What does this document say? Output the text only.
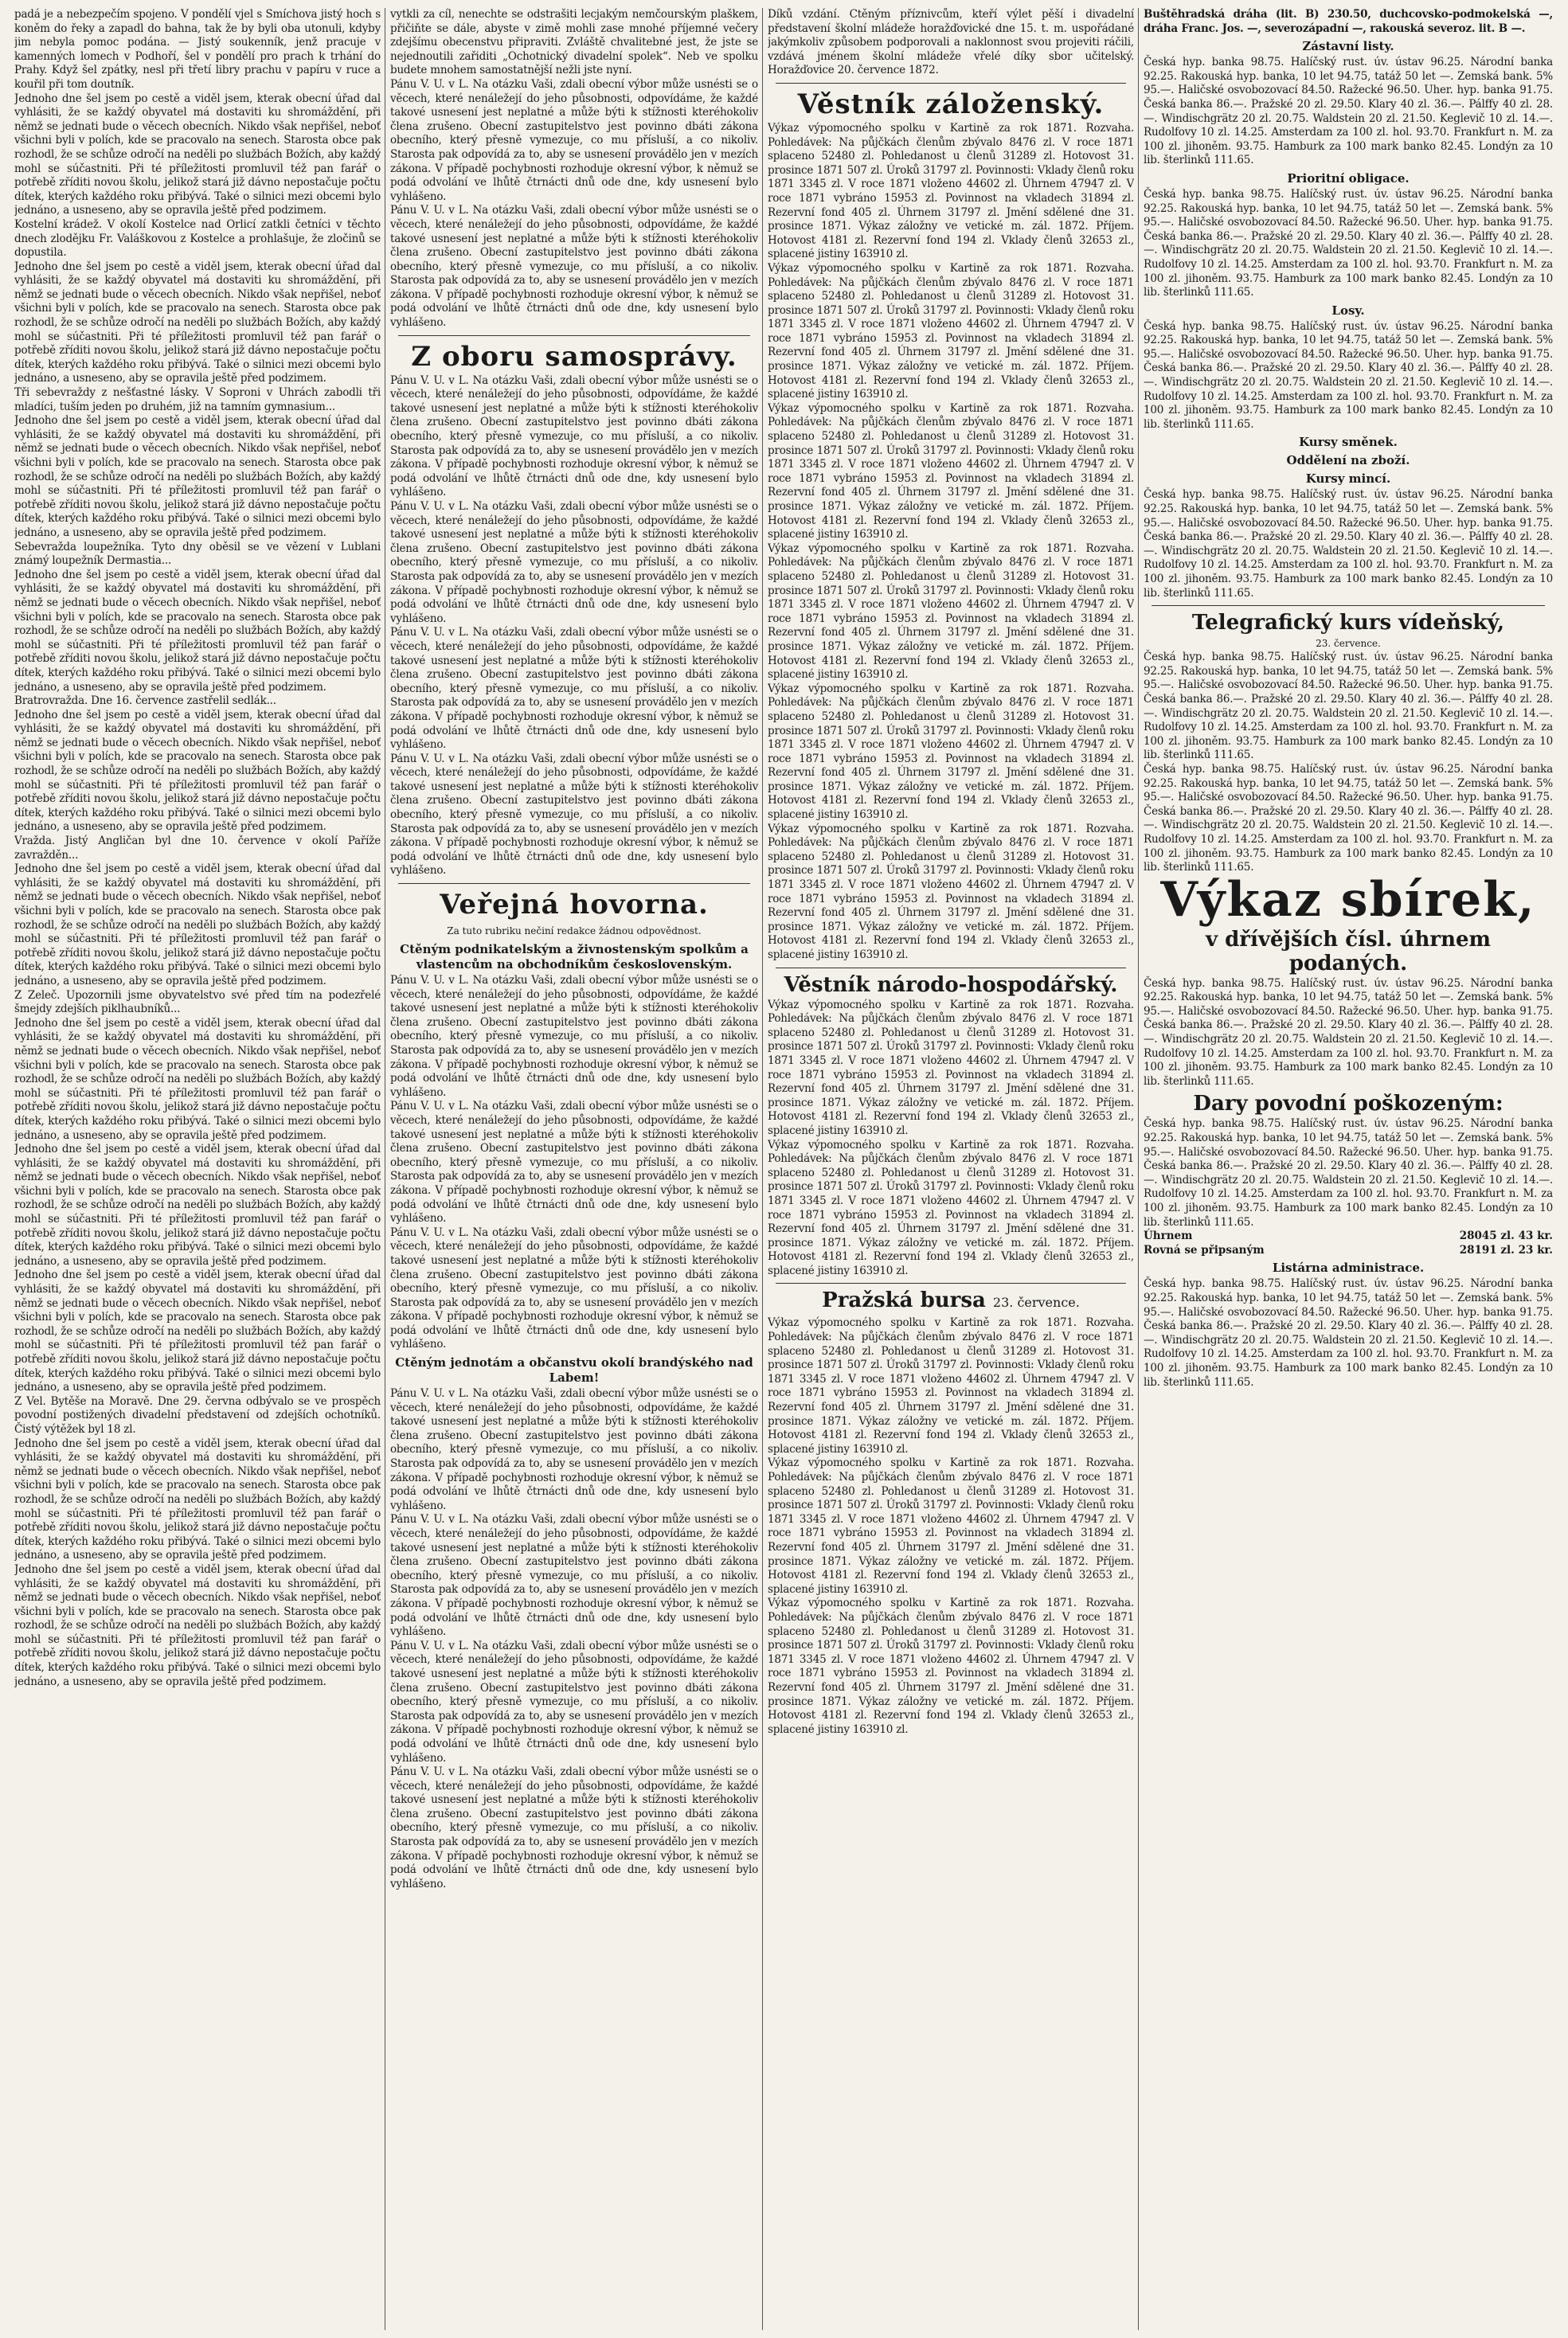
padá je a nebezpečím spojeno. V pondělí vjel s Smíchova jistý hoch s koněm do řeky a zapadl do bahna, tak že by byli oba utonuli, kdyby jim nebyla pomoc podána. — Jistý soukenník, jenž pracuje v kamenných lomech v Podhoří, šel v pondělí pro prach k trhání do Prahy. Když šel zpátky, nesl při třetí libry prachu v papíru v ruce a kouřil při tom doutník.
Jednoho dne šel jsem po cestě a viděl jsem, kterak obecní úřad dal vyhlásiti, že se každý obyvatel má dostaviti ku shromáždění, při němž se jednati bude o věcech obecních. Nikdo však nepřišel, neboť všichni byli v polích, kde se pracovalo na senech. Starosta obce pak rozhodl, že se schůze odročí na neděli po službách Božích, aby každý mohl se súčastniti. Při té příležitosti promluvil též pan farář o potřebě zříditi novou školu, jelikož stará již dávno nepostačuje počtu dítek, kterých každého roku přibývá. Také o silnici mezi obcemi bylo jednáno, a usneseno, aby se opravila ještě před podzimem.
Kostelní krádež. V okolí Kostelce nad Orlicí zatkli četníci v těchto dnech zlodějku Fr. Valáškovou z Kostelce a prohlašuje, že zločinů se dopustila.
Jednoho dne šel jsem po cestě a viděl jsem, kterak obecní úřad dal vyhlásiti, že se každý obyvatel má dostaviti ku shromáždění, při němž se jednati bude o věcech obecních. Nikdo však nepřišel, neboť všichni byli v polích, kde se pracovalo na senech. Starosta obce pak rozhodl, že se schůze odročí na neděli po službách Božích, aby každý mohl se súčastniti. Při té příležitosti promluvil též pan farář o potřebě zříditi novou školu, jelikož stará již dávno nepostačuje počtu dítek, kterých každého roku přibývá. Také o silnici mezi obcemi bylo jednáno, a usneseno, aby se opravila ještě před podzimem.
Tři sebevraždy z nešťastné lásky. V Soproni v Uhrách zabodli tři mladíci, tuším jeden po druhém, již na tamním gymnasium...
Jednoho dne šel jsem po cestě a viděl jsem, kterak obecní úřad dal vyhlásiti, že se každý obyvatel má dostaviti ku shromáždění, při němž se jednati bude o věcech obecních. Nikdo však nepřišel, neboť všichni byli v polích, kde se pracovalo na senech. Starosta obce pak rozhodl, že se schůze odročí na neděli po službách Božích, aby každý mohl se súčastniti. Při té příležitosti promluvil též pan farář o potřebě zříditi novou školu, jelikož stará již dávno nepostačuje počtu dítek, kterých každého roku přibývá. Také o silnici mezi obcemi bylo jednáno, a usneseno, aby se opravila ještě před podzimem.
Sebevražda loupežníka. Tyto dny oběsil se ve vězení v Lublani známý loupežník Dermastia...
Jednoho dne šel jsem po cestě a viděl jsem, kterak obecní úřad dal vyhlásiti, že se každý obyvatel má dostaviti ku shromáždění, při němž se jednati bude o věcech obecních. Nikdo však nepřišel, neboť všichni byli v polích, kde se pracovalo na senech. Starosta obce pak rozhodl, že se schůze odročí na neděli po službách Božích, aby každý mohl se súčastniti. Při té příležitosti promluvil též pan farář o potřebě zříditi novou školu, jelikož stará již dávno nepostačuje počtu dítek, kterých každého roku přibývá. Také o silnici mezi obcemi bylo jednáno, a usneseno, aby se opravila ještě před podzimem.
Bratrovražda. Dne 16. července zastřelil sedlák...
Jednoho dne šel jsem po cestě a viděl jsem, kterak obecní úřad dal vyhlásiti, že se každý obyvatel má dostaviti ku shromáždění, při němž se jednati bude o věcech obecních. Nikdo však nepřišel, neboť všichni byli v polích, kde se pracovalo na senech. Starosta obce pak rozhodl, že se schůze odročí na neděli po službách Božích, aby každý mohl se súčastniti. Při té příležitosti promluvil též pan farář o potřebě zříditi novou školu, jelikož stará již dávno nepostačuje počtu dítek, kterých každého roku přibývá. Také o silnici mezi obcemi bylo jednáno, a usneseno, aby se opravila ještě před podzimem.
Vražda. Jistý Angličan byl dne 10. července v okolí Paříže zavražděn...
Jednoho dne šel jsem po cestě a viděl jsem, kterak obecní úřad dal vyhlásiti, že se každý obyvatel má dostaviti ku shromáždění, při němž se jednati bude o věcech obecních. Nikdo však nepřišel, neboť všichni byli v polích, kde se pracovalo na senech. Starosta obce pak rozhodl, že se schůze odročí na neděli po službách Božích, aby každý mohl se súčastniti. Při té příležitosti promluvil též pan farář o potřebě zříditi novou školu, jelikož stará již dávno nepostačuje počtu dítek, kterých každého roku přibývá. Také o silnici mezi obcemi bylo jednáno, a usneseno, aby se opravila ještě před podzimem.
Z Zeleč. Upozornili jsme obyvatelstvo své před tím na podezřelé šmejdy zdejších piklhaubníků...
Jednoho dne šel jsem po cestě a viděl jsem, kterak obecní úřad dal vyhlásiti, že se každý obyvatel má dostaviti ku shromáždění, při němž se jednati bude o věcech obecních. Nikdo však nepřišel, neboť všichni byli v polích, kde se pracovalo na senech. Starosta obce pak rozhodl, že se schůze odročí na neděli po službách Božích, aby každý mohl se súčastniti. Při té příležitosti promluvil též pan farář o potřebě zříditi novou školu, jelikož stará již dávno nepostačuje počtu dítek, kterých každého roku přibývá. Také o silnici mezi obcemi bylo jednáno, a usneseno, aby se opravila ještě před podzimem.
Jednoho dne šel jsem po cestě a viděl jsem, kterak obecní úřad dal vyhlásiti, že se každý obyvatel má dostaviti ku shromáždění, při němž se jednati bude o věcech obecních. Nikdo však nepřišel, neboť všichni byli v polích, kde se pracovalo na senech. Starosta obce pak rozhodl, že se schůze odročí na neděli po službách Božích, aby každý mohl se súčastniti. Při té příležitosti promluvil též pan farář o potřebě zříditi novou školu, jelikož stará již dávno nepostačuje počtu dítek, kterých každého roku přibývá. Také o silnici mezi obcemi bylo jednáno, a usneseno, aby se opravila ještě před podzimem.
Jednoho dne šel jsem po cestě a viděl jsem, kterak obecní úřad dal vyhlásiti, že se každý obyvatel má dostaviti ku shromáždění, při němž se jednati bude o věcech obecních. Nikdo však nepřišel, neboť všichni byli v polích, kde se pracovalo na senech. Starosta obce pak rozhodl, že se schůze odročí na neděli po službách Božích, aby každý mohl se súčastniti. Při té příležitosti promluvil též pan farář o potřebě zříditi novou školu, jelikož stará již dávno nepostačuje počtu dítek, kterých každého roku přibývá. Také o silnici mezi obcemi bylo jednáno, a usneseno, aby se opravila ještě před podzimem.
Z Vel. Bytěše na Moravě. Dne 29. června odbývalo se ve prospěch povodní postižených divadelní představení od zdejších ochotníků. Čistý výtěžek byl 18 zl.
Jednoho dne šel jsem po cestě a viděl jsem, kterak obecní úřad dal vyhlásiti, že se každý obyvatel má dostaviti ku shromáždění, při němž se jednati bude o věcech obecních. Nikdo však nepřišel, neboť všichni byli v polích, kde se pracovalo na senech. Starosta obce pak rozhodl, že se schůze odročí na neděli po službách Božích, aby každý mohl se súčastniti. Při té příležitosti promluvil též pan farář o potřebě zříditi novou školu, jelikož stará již dávno nepostačuje počtu dítek, kterých každého roku přibývá. Také o silnici mezi obcemi bylo jednáno, a usneseno, aby se opravila ještě před podzimem.
Jednoho dne šel jsem po cestě a viděl jsem, kterak obecní úřad dal vyhlásiti, že se každý obyvatel má dostaviti ku shromáždění, při němž se jednati bude o věcech obecních. Nikdo však nepřišel, neboť všichni byli v polích, kde se pracovalo na senech. Starosta obce pak rozhodl, že se schůze odročí na neděli po službách Božích, aby každý mohl se súčastniti. Při té příležitosti promluvil též pan farář o potřebě zříditi novou školu, jelikož stará již dávno nepostačuje počtu dítek, kterých každého roku přibývá. Také o silnici mezi obcemi bylo jednáno, a usneseno, aby se opravila ještě před podzimem.
vytkli za cíl, nenechte se odstrašiti lecjakým nemčourským plaškem, přičiňte se dále, abyste v zimě mohli zase mnohé příjemné večery zdejšímu obecenstvu připraviti. Zvláště chvalitebné jest, že jste se nejednoutili zařiditi „Ochotnický divadelní spolek“. Neb ve spolku budete mnohem samostatnější nežli jste nyní.
Pánu V. U. v L. Na otázku Vaši, zdali obecní výbor může usnésti se o věcech, které nenáležejí do jeho působnosti, odpovídáme, že každé takové usnesení jest neplatné a může býti k stížnosti kteréhokoliv člena zrušeno. Obecní zastupitelstvo jest povinno dbáti zákona obecního, který přesně vymezuje, co mu přísluší, a co nikoliv. Starosta pak odpovídá za to, aby se usnesení provádělo jen v mezích zákona. V případě pochybnosti rozhoduje okresní výbor, k němuž se podá odvolání ve lhůtě čtrnácti dnů ode dne, kdy usnesení bylo vyhlášeno.
Pánu V. U. v L. Na otázku Vaši, zdali obecní výbor může usnésti se o věcech, které nenáležejí do jeho působnosti, odpovídáme, že každé takové usnesení jest neplatné a může býti k stížnosti kteréhokoliv člena zrušeno. Obecní zastupitelstvo jest povinno dbáti zákona obecního, který přesně vymezuje, co mu přísluší, a co nikoliv. Starosta pak odpovídá za to, aby se usnesení provádělo jen v mezích zákona. V případě pochybnosti rozhoduje okresní výbor, k němuž se podá odvolání ve lhůtě čtrnácti dnů ode dne, kdy usnesení bylo vyhlášeno.
Z oboru samosprávy.
Pánu V. U. v L. Na otázku Vaši, zdali obecní výbor může usnésti se o věcech, které nenáležejí do jeho působnosti, odpovídáme, že každé takové usnesení jest neplatné a může býti k stížnosti kteréhokoliv člena zrušeno. Obecní zastupitelstvo jest povinno dbáti zákona obecního, který přesně vymezuje, co mu přísluší, a co nikoliv. Starosta pak odpovídá za to, aby se usnesení provádělo jen v mezích zákona. V případě pochybnosti rozhoduje okresní výbor, k němuž se podá odvolání ve lhůtě čtrnácti dnů ode dne, kdy usnesení bylo vyhlášeno.
Pánu V. U. v L. Na otázku Vaši, zdali obecní výbor může usnésti se o věcech, které nenáležejí do jeho působnosti, odpovídáme, že každé takové usnesení jest neplatné a může býti k stížnosti kteréhokoliv člena zrušeno. Obecní zastupitelstvo jest povinno dbáti zákona obecního, který přesně vymezuje, co mu přísluší, a co nikoliv. Starosta pak odpovídá za to, aby se usnesení provádělo jen v mezích zákona. V případě pochybnosti rozhoduje okresní výbor, k němuž se podá odvolání ve lhůtě čtrnácti dnů ode dne, kdy usnesení bylo vyhlášeno.
Pánu V. U. v L. Na otázku Vaši, zdali obecní výbor může usnésti se o věcech, které nenáležejí do jeho působnosti, odpovídáme, že každé takové usnesení jest neplatné a může býti k stížnosti kteréhokoliv člena zrušeno. Obecní zastupitelstvo jest povinno dbáti zákona obecního, který přesně vymezuje, co mu přísluší, a co nikoliv. Starosta pak odpovídá za to, aby se usnesení provádělo jen v mezích zákona. V případě pochybnosti rozhoduje okresní výbor, k němuž se podá odvolání ve lhůtě čtrnácti dnů ode dne, kdy usnesení bylo vyhlášeno.
Pánu V. U. v L. Na otázku Vaši, zdali obecní výbor může usnésti se o věcech, které nenáležejí do jeho působnosti, odpovídáme, že každé takové usnesení jest neplatné a může býti k stížnosti kteréhokoliv člena zrušeno. Obecní zastupitelstvo jest povinno dbáti zákona obecního, který přesně vymezuje, co mu přísluší, a co nikoliv. Starosta pak odpovídá za to, aby se usnesení provádělo jen v mezích zákona. V případě pochybnosti rozhoduje okresní výbor, k němuž se podá odvolání ve lhůtě čtrnácti dnů ode dne, kdy usnesení bylo vyhlášeno.
Veřejná hovorna.
Za tuto rubriku nečiní redakce žádnou odpovědnost.
Ctěným podnikatelským a živnostenským spolkům a vlastencům na obchodníkům československým.
Pánu V. U. v L. Na otázku Vaši, zdali obecní výbor může usnésti se o věcech, které nenáležejí do jeho působnosti, odpovídáme, že každé takové usnesení jest neplatné a může býti k stížnosti kteréhokoliv člena zrušeno. Obecní zastupitelstvo jest povinno dbáti zákona obecního, který přesně vymezuje, co mu přísluší, a co nikoliv. Starosta pak odpovídá za to, aby se usnesení provádělo jen v mezích zákona. V případě pochybnosti rozhoduje okresní výbor, k němuž se podá odvolání ve lhůtě čtrnácti dnů ode dne, kdy usnesení bylo vyhlášeno.
Pánu V. U. v L. Na otázku Vaši, zdali obecní výbor může usnésti se o věcech, které nenáležejí do jeho působnosti, odpovídáme, že každé takové usnesení jest neplatné a může býti k stížnosti kteréhokoliv člena zrušeno. Obecní zastupitelstvo jest povinno dbáti zákona obecního, který přesně vymezuje, co mu přísluší, a co nikoliv. Starosta pak odpovídá za to, aby se usnesení provádělo jen v mezích zákona. V případě pochybnosti rozhoduje okresní výbor, k němuž se podá odvolání ve lhůtě čtrnácti dnů ode dne, kdy usnesení bylo vyhlášeno.
Pánu V. U. v L. Na otázku Vaši, zdali obecní výbor může usnésti se o věcech, které nenáležejí do jeho působnosti, odpovídáme, že každé takové usnesení jest neplatné a může býti k stížnosti kteréhokoliv člena zrušeno. Obecní zastupitelstvo jest povinno dbáti zákona obecního, který přesně vymezuje, co mu přísluší, a co nikoliv. Starosta pak odpovídá za to, aby se usnesení provádělo jen v mezích zákona. V případě pochybnosti rozhoduje okresní výbor, k němuž se podá odvolání ve lhůtě čtrnácti dnů ode dne, kdy usnesení bylo vyhlášeno.
Ctěným jednotám a občanstvu okolí brandýského nad Labem!
Pánu V. U. v L. Na otázku Vaši, zdali obecní výbor může usnésti se o věcech, které nenáležejí do jeho působnosti, odpovídáme, že každé takové usnesení jest neplatné a může býti k stížnosti kteréhokoliv člena zrušeno. Obecní zastupitelstvo jest povinno dbáti zákona obecního, který přesně vymezuje, co mu přísluší, a co nikoliv. Starosta pak odpovídá za to, aby se usnesení provádělo jen v mezích zákona. V případě pochybnosti rozhoduje okresní výbor, k němuž se podá odvolání ve lhůtě čtrnácti dnů ode dne, kdy usnesení bylo vyhlášeno.
Pánu V. U. v L. Na otázku Vaši, zdali obecní výbor může usnésti se o věcech, které nenáležejí do jeho působnosti, odpovídáme, že každé takové usnesení jest neplatné a může býti k stížnosti kteréhokoliv člena zrušeno. Obecní zastupitelstvo jest povinno dbáti zákona obecního, který přesně vymezuje, co mu přísluší, a co nikoliv. Starosta pak odpovídá za to, aby se usnesení provádělo jen v mezích zákona. V případě pochybnosti rozhoduje okresní výbor, k němuž se podá odvolání ve lhůtě čtrnácti dnů ode dne, kdy usnesení bylo vyhlášeno.
Pánu V. U. v L. Na otázku Vaši, zdali obecní výbor může usnésti se o věcech, které nenáležejí do jeho působnosti, odpovídáme, že každé takové usnesení jest neplatné a může býti k stížnosti kteréhokoliv člena zrušeno. Obecní zastupitelstvo jest povinno dbáti zákona obecního, který přesně vymezuje, co mu přísluší, a co nikoliv. Starosta pak odpovídá za to, aby se usnesení provádělo jen v mezích zákona. V případě pochybnosti rozhoduje okresní výbor, k němuž se podá odvolání ve lhůtě čtrnácti dnů ode dne, kdy usnesení bylo vyhlášeno.
Pánu V. U. v L. Na otázku Vaši, zdali obecní výbor může usnésti se o věcech, které nenáležejí do jeho působnosti, odpovídáme, že každé takové usnesení jest neplatné a může býti k stížnosti kteréhokoliv člena zrušeno. Obecní zastupitelstvo jest povinno dbáti zákona obecního, který přesně vymezuje, co mu přísluší, a co nikoliv. Starosta pak odpovídá za to, aby se usnesení provádělo jen v mezích zákona. V případě pochybnosti rozhoduje okresní výbor, k němuž se podá odvolání ve lhůtě čtrnácti dnů ode dne, kdy usnesení bylo vyhlášeno.
Díků vzdání. Ctěným příznivcům, kteří výlet pěší i divadelní představení školní mládeže horažďovické dne 15. t. m. uspořádané jakýmkoliv způsobem podporovali a naklonnost svou projeviti ráčili, vzdává jménem školní mládeže vřelé díky sbor učitelský. Horažďovice 20. července 1872.
Věstník záloženský.
Výkaz výpomocného spolku v Kartině za rok 1871. Rozvaha. Pohledávek: Na půjčkách členům zbývalo 8476 zl. V roce 1871 splaceno 52480 zl. Pohledanost u členů 31289 zl. Hotovost 31. prosince 1871 507 zl. Úroků 31797 zl. Povinnosti: Vklady členů roku 1871 3345 zl. V roce 1871 vloženo 44602 zl. Úhrnem 47947 zl. V roce 1871 vybráno 15953 zl. Povinnost na vkladech 31894 zl. Rezervní fond 405 zl. Úhrnem 31797 zl. Jmění sdělené dne 31. prosince 1871. Výkaz záložny ve vetické m. zál. 1872. Příjem. Hotovost 4181 zl. Rezervní fond 194 zl. Vklady členů 32653 zl., splacené jistiny 163910 zl.
Výkaz výpomocného spolku v Kartině za rok 1871. Rozvaha. Pohledávek: Na půjčkách členům zbývalo 8476 zl. V roce 1871 splaceno 52480 zl. Pohledanost u členů 31289 zl. Hotovost 31. prosince 1871 507 zl. Úroků 31797 zl. Povinnosti: Vklady členů roku 1871 3345 zl. V roce 1871 vloženo 44602 zl. Úhrnem 47947 zl. V roce 1871 vybráno 15953 zl. Povinnost na vkladech 31894 zl. Rezervní fond 405 zl. Úhrnem 31797 zl. Jmění sdělené dne 31. prosince 1871. Výkaz záložny ve vetické m. zál. 1872. Příjem. Hotovost 4181 zl. Rezervní fond 194 zl. Vklady členů 32653 zl., splacené jistiny 163910 zl.
Výkaz výpomocného spolku v Kartině za rok 1871. Rozvaha. Pohledávek: Na půjčkách členům zbývalo 8476 zl. V roce 1871 splaceno 52480 zl. Pohledanost u členů 31289 zl. Hotovost 31. prosince 1871 507 zl. Úroků 31797 zl. Povinnosti: Vklady členů roku 1871 3345 zl. V roce 1871 vloženo 44602 zl. Úhrnem 47947 zl. V roce 1871 vybráno 15953 zl. Povinnost na vkladech 31894 zl. Rezervní fond 405 zl. Úhrnem 31797 zl. Jmění sdělené dne 31. prosince 1871. Výkaz záložny ve vetické m. zál. 1872. Příjem. Hotovost 4181 zl. Rezervní fond 194 zl. Vklady členů 32653 zl., splacené jistiny 163910 zl.
Výkaz výpomocného spolku v Kartině za rok 1871. Rozvaha. Pohledávek: Na půjčkách členům zbývalo 8476 zl. V roce 1871 splaceno 52480 zl. Pohledanost u členů 31289 zl. Hotovost 31. prosince 1871 507 zl. Úroků 31797 zl. Povinnosti: Vklady členů roku 1871 3345 zl. V roce 1871 vloženo 44602 zl. Úhrnem 47947 zl. V roce 1871 vybráno 15953 zl. Povinnost na vkladech 31894 zl. Rezervní fond 405 zl. Úhrnem 31797 zl. Jmění sdělené dne 31. prosince 1871. Výkaz záložny ve vetické m. zál. 1872. Příjem. Hotovost 4181 zl. Rezervní fond 194 zl. Vklady členů 32653 zl., splacené jistiny 163910 zl.
Výkaz výpomocného spolku v Kartině za rok 1871. Rozvaha. Pohledávek: Na půjčkách členům zbývalo 8476 zl. V roce 1871 splaceno 52480 zl. Pohledanost u členů 31289 zl. Hotovost 31. prosince 1871 507 zl. Úroků 31797 zl. Povinnosti: Vklady členů roku 1871 3345 zl. V roce 1871 vloženo 44602 zl. Úhrnem 47947 zl. V roce 1871 vybráno 15953 zl. Povinnost na vkladech 31894 zl. Rezervní fond 405 zl. Úhrnem 31797 zl. Jmění sdělené dne 31. prosince 1871. Výkaz záložny ve vetické m. zál. 1872. Příjem. Hotovost 4181 zl. Rezervní fond 194 zl. Vklady členů 32653 zl., splacené jistiny 163910 zl.
Výkaz výpomocného spolku v Kartině za rok 1871. Rozvaha. Pohledávek: Na půjčkách členům zbývalo 8476 zl. V roce 1871 splaceno 52480 zl. Pohledanost u členů 31289 zl. Hotovost 31. prosince 1871 507 zl. Úroků 31797 zl. Povinnosti: Vklady členů roku 1871 3345 zl. V roce 1871 vloženo 44602 zl. Úhrnem 47947 zl. V roce 1871 vybráno 15953 zl. Povinnost na vkladech 31894 zl. Rezervní fond 405 zl. Úhrnem 31797 zl. Jmění sdělené dne 31. prosince 1871. Výkaz záložny ve vetické m. zál. 1872. Příjem. Hotovost 4181 zl. Rezervní fond 194 zl. Vklady členů 32653 zl., splacené jistiny 163910 zl.
Věstník národo-hospodářský.
Výkaz výpomocného spolku v Kartině za rok 1871. Rozvaha. Pohledávek: Na půjčkách členům zbývalo 8476 zl. V roce 1871 splaceno 52480 zl. Pohledanost u členů 31289 zl. Hotovost 31. prosince 1871 507 zl. Úroků 31797 zl. Povinnosti: Vklady členů roku 1871 3345 zl. V roce 1871 vloženo 44602 zl. Úhrnem 47947 zl. V roce 1871 vybráno 15953 zl. Povinnost na vkladech 31894 zl. Rezervní fond 405 zl. Úhrnem 31797 zl. Jmění sdělené dne 31. prosince 1871. Výkaz záložny ve vetické m. zál. 1872. Příjem. Hotovost 4181 zl. Rezervní fond 194 zl. Vklady členů 32653 zl., splacené jistiny 163910 zl.
Výkaz výpomocného spolku v Kartině za rok 1871. Rozvaha. Pohledávek: Na půjčkách členům zbývalo 8476 zl. V roce 1871 splaceno 52480 zl. Pohledanost u členů 31289 zl. Hotovost 31. prosince 1871 507 zl. Úroků 31797 zl. Povinnosti: Vklady členů roku 1871 3345 zl. V roce 1871 vloženo 44602 zl. Úhrnem 47947 zl. V roce 1871 vybráno 15953 zl. Povinnost na vkladech 31894 zl. Rezervní fond 405 zl. Úhrnem 31797 zl. Jmění sdělené dne 31. prosince 1871. Výkaz záložny ve vetické m. zál. 1872. Příjem. Hotovost 4181 zl. Rezervní fond 194 zl. Vklady členů 32653 zl., splacené jistiny 163910 zl.
Pražská bursa 23. července.
Výkaz výpomocného spolku v Kartině za rok 1871. Rozvaha. Pohledávek: Na půjčkách členům zbývalo 8476 zl. V roce 1871 splaceno 52480 zl. Pohledanost u členů 31289 zl. Hotovost 31. prosince 1871 507 zl. Úroků 31797 zl. Povinnosti: Vklady členů roku 1871 3345 zl. V roce 1871 vloženo 44602 zl. Úhrnem 47947 zl. V roce 1871 vybráno 15953 zl. Povinnost na vkladech 31894 zl. Rezervní fond 405 zl. Úhrnem 31797 zl. Jmění sdělené dne 31. prosince 1871. Výkaz záložny ve vetické m. zál. 1872. Příjem. Hotovost 4181 zl. Rezervní fond 194 zl. Vklady členů 32653 zl., splacené jistiny 163910 zl.
Výkaz výpomocného spolku v Kartině za rok 1871. Rozvaha. Pohledávek: Na půjčkách členům zbývalo 8476 zl. V roce 1871 splaceno 52480 zl. Pohledanost u členů 31289 zl. Hotovost 31. prosince 1871 507 zl. Úroků 31797 zl. Povinnosti: Vklady členů roku 1871 3345 zl. V roce 1871 vloženo 44602 zl. Úhrnem 47947 zl. V roce 1871 vybráno 15953 zl. Povinnost na vkladech 31894 zl. Rezervní fond 405 zl. Úhrnem 31797 zl. Jmění sdělené dne 31. prosince 1871. Výkaz záložny ve vetické m. zál. 1872. Příjem. Hotovost 4181 zl. Rezervní fond 194 zl. Vklady členů 32653 zl., splacené jistiny 163910 zl.
Výkaz výpomocného spolku v Kartině za rok 1871. Rozvaha. Pohledávek: Na půjčkách členům zbývalo 8476 zl. V roce 1871 splaceno 52480 zl. Pohledanost u členů 31289 zl. Hotovost 31. prosince 1871 507 zl. Úroků 31797 zl. Povinnosti: Vklady členů roku 1871 3345 zl. V roce 1871 vloženo 44602 zl. Úhrnem 47947 zl. V roce 1871 vybráno 15953 zl. Povinnost na vkladech 31894 zl. Rezervní fond 405 zl. Úhrnem 31797 zl. Jmění sdělené dne 31. prosince 1871. Výkaz záložny ve vetické m. zál. 1872. Příjem. Hotovost 4181 zl. Rezervní fond 194 zl. Vklady členů 32653 zl., splacené jistiny 163910 zl.
Buštěhradská dráha (lit. B) 230.50, duchcovsko-podmokelská —, dráha Franc. Jos. —, severozápadní —, rakouská severoz. lit. B —.
Zástavní listy.
Česká hyp. banka 98.75. Halíčský rust. úv. ústav 96.25. Národní banka 92.25. Rakouská hyp. banka, 10 let 94.75, tatáž 50 let —. Zemská bank. 5% 95.—. Haličské osvobozovací 84.50. Ražecké 96.50. Uher. hyp. banka 91.75. Česká banka 86.—. Pražské 20 zl. 29.50. Klary 40 zl. 36.—. Pálffy 40 zl. 28.—. Windischgrätz 20 zl. 20.75. Waldstein 20 zl. 21.50. Keglevič 10 zl. 14.—. Rudolfovy 10 zl. 14.25. Amsterdam za 100 zl. hol. 93.70. Frankfurt n. M. za 100 zl. jihoněm. 93.75. Hamburk za 100 mark banko 82.45. Londýn za 10 lib. šterlinků 111.65.
Prioritní obligace.
Česká hyp. banka 98.75. Halíčský rust. úv. ústav 96.25. Národní banka 92.25. Rakouská hyp. banka, 10 let 94.75, tatáž 50 let —. Zemská bank. 5% 95.—. Haličské osvobozovací 84.50. Ražecké 96.50. Uher. hyp. banka 91.75. Česká banka 86.—. Pražské 20 zl. 29.50. Klary 40 zl. 36.—. Pálffy 40 zl. 28.—. Windischgrätz 20 zl. 20.75. Waldstein 20 zl. 21.50. Keglevič 10 zl. 14.—. Rudolfovy 10 zl. 14.25. Amsterdam za 100 zl. hol. 93.70. Frankfurt n. M. za 100 zl. jihoněm. 93.75. Hamburk za 100 mark banko 82.45. Londýn za 10 lib. šterlinků 111.65.
Losy.
Česká hyp. banka 98.75. Halíčský rust. úv. ústav 96.25. Národní banka 92.25. Rakouská hyp. banka, 10 let 94.75, tatáž 50 let —. Zemská bank. 5% 95.—. Haličské osvobozovací 84.50. Ražecké 96.50. Uher. hyp. banka 91.75. Česká banka 86.—. Pražské 20 zl. 29.50. Klary 40 zl. 36.—. Pálffy 40 zl. 28.—. Windischgrätz 20 zl. 20.75. Waldstein 20 zl. 21.50. Keglevič 10 zl. 14.—. Rudolfovy 10 zl. 14.25. Amsterdam za 100 zl. hol. 93.70. Frankfurt n. M. za 100 zl. jihoněm. 93.75. Hamburk za 100 mark banko 82.45. Londýn za 10 lib. šterlinků 111.65.
Kursy směnek.
Oddělení na zboží.
Kursy mincí.
Česká hyp. banka 98.75. Halíčský rust. úv. ústav 96.25. Národní banka 92.25. Rakouská hyp. banka, 10 let 94.75, tatáž 50 let —. Zemská bank. 5% 95.—. Haličské osvobozovací 84.50. Ražecké 96.50. Uher. hyp. banka 91.75. Česká banka 86.—. Pražské 20 zl. 29.50. Klary 40 zl. 36.—. Pálffy 40 zl. 28.—. Windischgrätz 20 zl. 20.75. Waldstein 20 zl. 21.50. Keglevič 10 zl. 14.—. Rudolfovy 10 zl. 14.25. Amsterdam za 100 zl. hol. 93.70. Frankfurt n. M. za 100 zl. jihoněm. 93.75. Hamburk za 100 mark banko 82.45. Londýn za 10 lib. šterlinků 111.65.
Telegrafický kurs vídeňský,
23. července.
Česká hyp. banka 98.75. Halíčský rust. úv. ústav 96.25. Národní banka 92.25. Rakouská hyp. banka, 10 let 94.75, tatáž 50 let —. Zemská bank. 5% 95.—. Haličské osvobozovací 84.50. Ražecké 96.50. Uher. hyp. banka 91.75. Česká banka 86.—. Pražské 20 zl. 29.50. Klary 40 zl. 36.—. Pálffy 40 zl. 28.—. Windischgrätz 20 zl. 20.75. Waldstein 20 zl. 21.50. Keglevič 10 zl. 14.—. Rudolfovy 10 zl. 14.25. Amsterdam za 100 zl. hol. 93.70. Frankfurt n. M. za 100 zl. jihoněm. 93.75. Hamburk za 100 mark banko 82.45. Londýn za 10 lib. šterlinků 111.65.
Česká hyp. banka 98.75. Halíčský rust. úv. ústav 96.25. Národní banka 92.25. Rakouská hyp. banka, 10 let 94.75, tatáž 50 let —. Zemská bank. 5% 95.—. Haličské osvobozovací 84.50. Ražecké 96.50. Uher. hyp. banka 91.75. Česká banka 86.—. Pražské 20 zl. 29.50. Klary 40 zl. 36.—. Pálffy 40 zl. 28.—. Windischgrätz 20 zl. 20.75. Waldstein 20 zl. 21.50. Keglevič 10 zl. 14.—. Rudolfovy 10 zl. 14.25. Amsterdam za 100 zl. hol. 93.70. Frankfurt n. M. za 100 zl. jihoněm. 93.75. Hamburk za 100 mark banko 82.45. Londýn za 10 lib. šterlinků 111.65.
Výkaz sbírek,
v dřívějších čísl. úhrnem podaných.
Česká hyp. banka 98.75. Halíčský rust. úv. ústav 96.25. Národní banka 92.25. Rakouská hyp. banka, 10 let 94.75, tatáž 50 let —. Zemská bank. 5% 95.—. Haličské osvobozovací 84.50. Ražecké 96.50. Uher. hyp. banka 91.75. Česká banka 86.—. Pražské 20 zl. 29.50. Klary 40 zl. 36.—. Pálffy 40 zl. 28.—. Windischgrätz 20 zl. 20.75. Waldstein 20 zl. 21.50. Keglevič 10 zl. 14.—. Rudolfovy 10 zl. 14.25. Amsterdam za 100 zl. hol. 93.70. Frankfurt n. M. za 100 zl. jihoněm. 93.75. Hamburk za 100 mark banko 82.45. Londýn za 10 lib. šterlinků 111.65.
Dary povodní poškozeným:
Česká hyp. banka 98.75. Halíčský rust. úv. ústav 96.25. Národní banka 92.25. Rakouská hyp. banka, 10 let 94.75, tatáž 50 let —. Zemská bank. 5% 95.—. Haličské osvobozovací 84.50. Ražecké 96.50. Uher. hyp. banka 91.75. Česká banka 86.—. Pražské 20 zl. 29.50. Klary 40 zl. 36.—. Pálffy 40 zl. 28.—. Windischgrätz 20 zl. 20.75. Waldstein 20 zl. 21.50. Keglevič 10 zl. 14.—. Rudolfovy 10 zl. 14.25. Amsterdam za 100 zl. hol. 93.70. Frankfurt n. M. za 100 zl. jihoněm. 93.75. Hamburk za 100 mark banko 82.45. Londýn za 10 lib. šterlinků 111.65.
Úhrnem	28045 zl. 43 kr.
Rovná se připsaným	28191 zl. 23 kr.
Listárna administrace.
Česká hyp. banka 98.75. Halíčský rust. úv. ústav 96.25. Národní banka 92.25. Rakouská hyp. banka, 10 let 94.75, tatáž 50 let —. Zemská bank. 5% 95.—. Haličské osvobozovací 84.50. Ražecké 96.50. Uher. hyp. banka 91.75. Česká banka 86.—. Pražské 20 zl. 29.50. Klary 40 zl. 36.—. Pálffy 40 zl. 28.—. Windischgrätz 20 zl. 20.75. Waldstein 20 zl. 21.50. Keglevič 10 zl. 14.—. Rudolfovy 10 zl. 14.25. Amsterdam za 100 zl. hol. 93.70. Frankfurt n. M. za 100 zl. jihoněm. 93.75. Hamburk za 100 mark banko 82.45. Londýn za 10 lib. šterlinků 111.65.
